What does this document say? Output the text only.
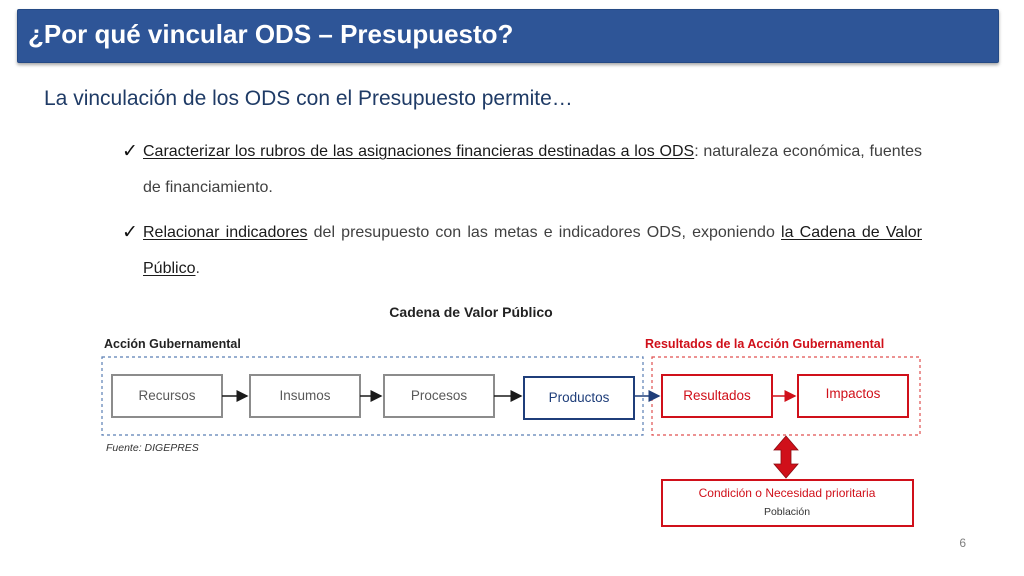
¿Por qué vincular ODS – Presupuesto?
La vinculación de los ODS con el Presupuesto permite…
✓ Caracterizar los rubros de las asignaciones financieras destinadas a los ODS: naturaleza económica, fuentes de financiamiento.
✓ Relacionar indicadores del presupuesto con las metas e indicadores ODS, exponiendo la Cadena de Valor Público.
Cadena de Valor Público
Acción Gubernamental	Resultados de la Acción Gubernamental
Recursos	Insumos	Procesos	Productos	Resultados	Impactos
Fuente: DIGEPRES
Condición o Necesidad prioritaria
Población
6
